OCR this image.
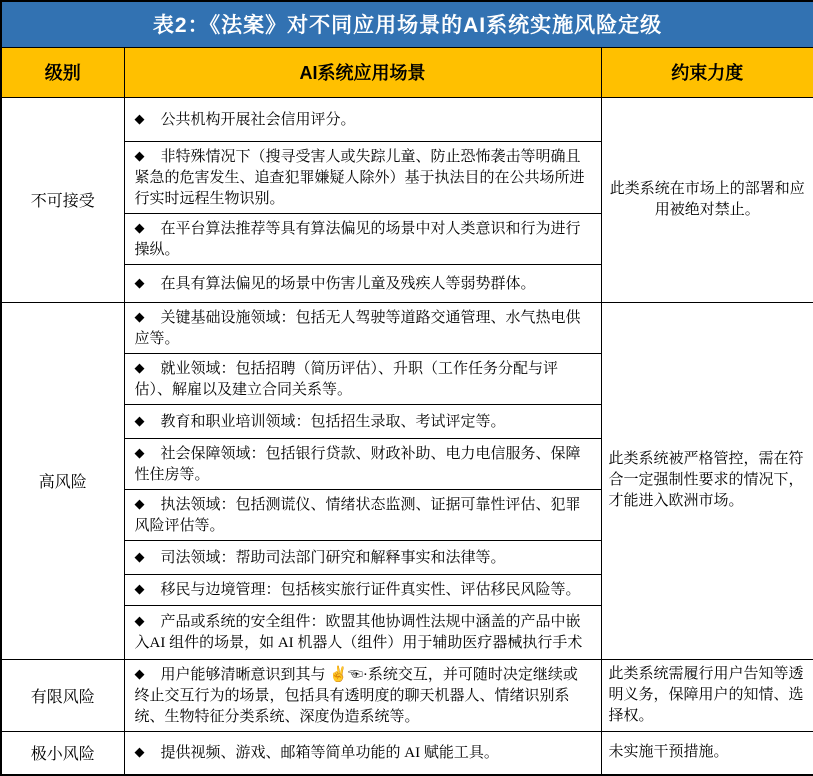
表2：《法案》对不同应用场景的AI系统实施风险定级		
级别	AI系统应用场景	约束力度
不可接受	◆ 公共机构开展社会信用评分。	此类系统在市场上的部署和应用被绝对禁止。
	◆ 非特殊情况下（搜寻受害人或失踪儿童、防止恐怖袭击等明确且紧急的危害发生、追查犯罪嫌疑人除外）基于执法目的在公共场所进行实时远程生物识别。	
	◆ 在平台算法推荐等具有算法偏见的场景中对人类意识和行为进行操纵。	
	◆ 在具有算法偏见的场景中伤害儿童及残疾人等弱势群体。	
高风险	◆ 关键基础设施领域：包括无人驾驶等道路交通管理、水气热电供应等。	此类系统被严格管控，需在符合一定强制性要求的情况下，才能进入欧洲市场。
	◆ 就业领域：包括招聘（简历评估）、升职（工作任务分配与评估）、解雇以及建立合同关系等。	
	◆ 教育和职业培训领域：包括招生录取、考试评定等。	
	◆ 社会保障领域：包括银行贷款、财政补助、电力电信服务、保障性住房等。	
	◆ 执法领域：包括测谎仪、情绪状态监测、证据可靠性评估、犯罪风险评估等。	
	◆ 司法领域：帮助司法部门研究和解释事实和法律等。	
	◆ 移民与边境管理：包括核实旅行证件真实性、评估移民风险等。	
	◆ 产品或系统的安全组件：欧盟其他协调性法规中涵盖的产品中嵌入AI 组件的场景，如 AI 机器人（组件）用于辅助医疗器械执行手术	
有限风险	◆ 用户能够清晰意识到其与 ✌☜·系统交互，并可随时决定继续或终止交互行为的场景，包括具有透明度的聊天机器人、情绪识别系统、生物特征分类系统、深度伪造系统等。	此类系统需履行用户告知等透明义务，保障用户的知情、选择权。
极小风险	◆ 提供视频、游戏、邮箱等简单功能的 AI 赋能工具。	未实施干预措施。
